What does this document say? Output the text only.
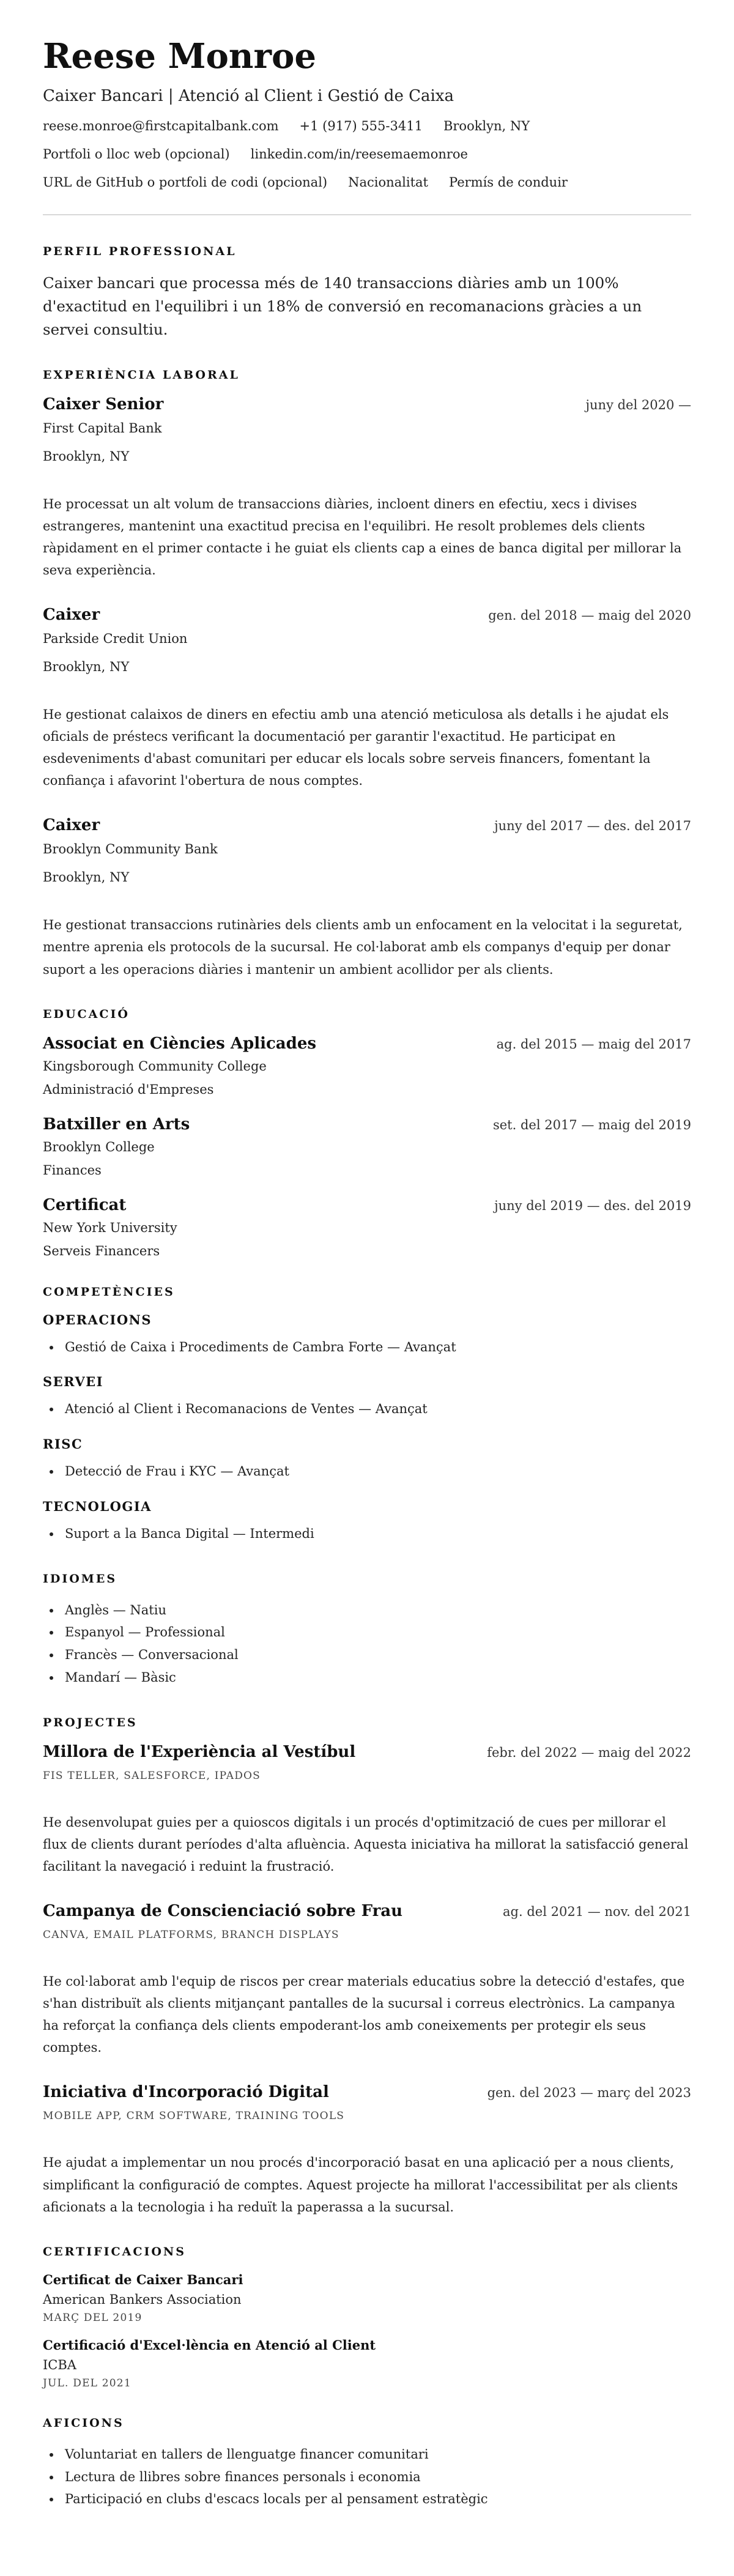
Reese Monroe
Caixer Bancari | Atenció al Client i Gestió de Caixa
reese.monroe@firstcapitalbank.com +1 (917) 555-3411 Brooklyn, NY
Portfoli o lloc web (opcional) linkedin.com/in/reesemaemonroe
URL de GitHub o portfoli de codi (opcional) Nacionalitat Permís de conduir
PERFIL PROFESSIONAL
Caixer bancari que processa més de 140 transaccions diàries amb un 100% d'exactitud en l'equilibri i un 18% de conversió en recomanacions gràcies a un servei consultiu.
EXPERIÈNCIA LABORAL
Caixer Senior	juny del 2020 —
First Capital Bank
Brooklyn, NY
He processat un alt volum de transaccions diàries, incloent diners en efectiu, xecs i divises estrangeres, mantenint una exactitud precisa en l'equilibri. He resolt problemes dels clients ràpidament en el primer contacte i he guiat els clients cap a eines de banca digital per millorar la seva experiència.
Caixer	gen. del 2018 — maig del 2020
Parkside Credit Union
Brooklyn, NY
He gestionat calaixos de diners en efectiu amb una atenció meticulosa als detalls i he ajudat els oficials de préstecs verificant la documentació per garantir l'exactitud. He participat en esdeveniments d'abast comunitari per educar els locals sobre serveis financers, fomentant la confiança i afavorint l'obertura de nous comptes.
Caixer	juny del 2017 — des. del 2017
Brooklyn Community Bank
Brooklyn, NY
He gestionat transaccions rutinàries dels clients amb un enfocament en la velocitat i la seguretat, mentre aprenia els protocols de la sucursal. He col·laborat amb els companys d'equip per donar suport a les operacions diàries i mantenir un ambient acollidor per als clients.
EDUCACIÓ
Associat en Ciències Aplicades	ag. del 2015 — maig del 2017
Kingsborough Community College
Administració d'Empreses
Batxiller en Arts	set. del 2017 — maig del 2019
Brooklyn College
Finances
Certificat	juny del 2019 — des. del 2019
New York University
Serveis Financers
COMPETÈNCIES
OPERACIONS
• Gestió de Caixa i Procediments de Cambra Forte — Avançat
SERVEI
• Atenció al Client i Recomanacions de Ventes — Avançat
RISC
• Detecció de Frau i KYC — Avançat
TECNOLOGIA
• Suport a la Banca Digital — Intermedi
IDIOMES
• Anglès — Natiu
• Espanyol — Professional
• Francès — Conversacional
• Mandarí — Bàsic
PROJECTES
Millora de l'Experiència al Vestíbul	febr. del 2022 — maig del 2022
FIS TELLER, SALESFORCE, IPADOS
He desenvolupat guies per a quioscos digitals i un procés d'optimització de cues per millorar el flux de clients durant períodes d'alta afluència. Aquesta iniciativa ha millorat la satisfacció general facilitant la navegació i reduint la frustració.
Campanya de Conscienciació sobre Frau	ag. del 2021 — nov. del 2021
CANVA, EMAIL PLATFORMS, BRANCH DISPLAYS
He col·laborat amb l'equip de riscos per crear materials educatius sobre la detecció d'estafes, que s'han distribuït als clients mitjançant pantalles de la sucursal i correus electrònics. La campanya ha reforçat la confiança dels clients empoderant-los amb coneixements per protegir els seus comptes.
Iniciativa d'Incorporació Digital	gen. del 2023 — març del 2023
MOBILE APP, CRM SOFTWARE, TRAINING TOOLS
He ajudat a implementar un nou procés d'incorporació basat en una aplicació per a nous clients, simplificant la configuració de comptes. Aquest projecte ha millorat l'accessibilitat per als clients aficionats a la tecnologia i ha reduït la paperassa a la sucursal.
CERTIFICACIONS
Certificat de Caixer Bancari
American Bankers Association
MARÇ DEL 2019
Certificació d'Excel·lència en Atenció al Client
ICBA
JUL. DEL 2021
AFICIONS
• Voluntariat en tallers de llenguatge financer comunitari
• Lectura de llibres sobre finances personals i economia
• Participació en clubs d'escacs locals per al pensament estratègic
